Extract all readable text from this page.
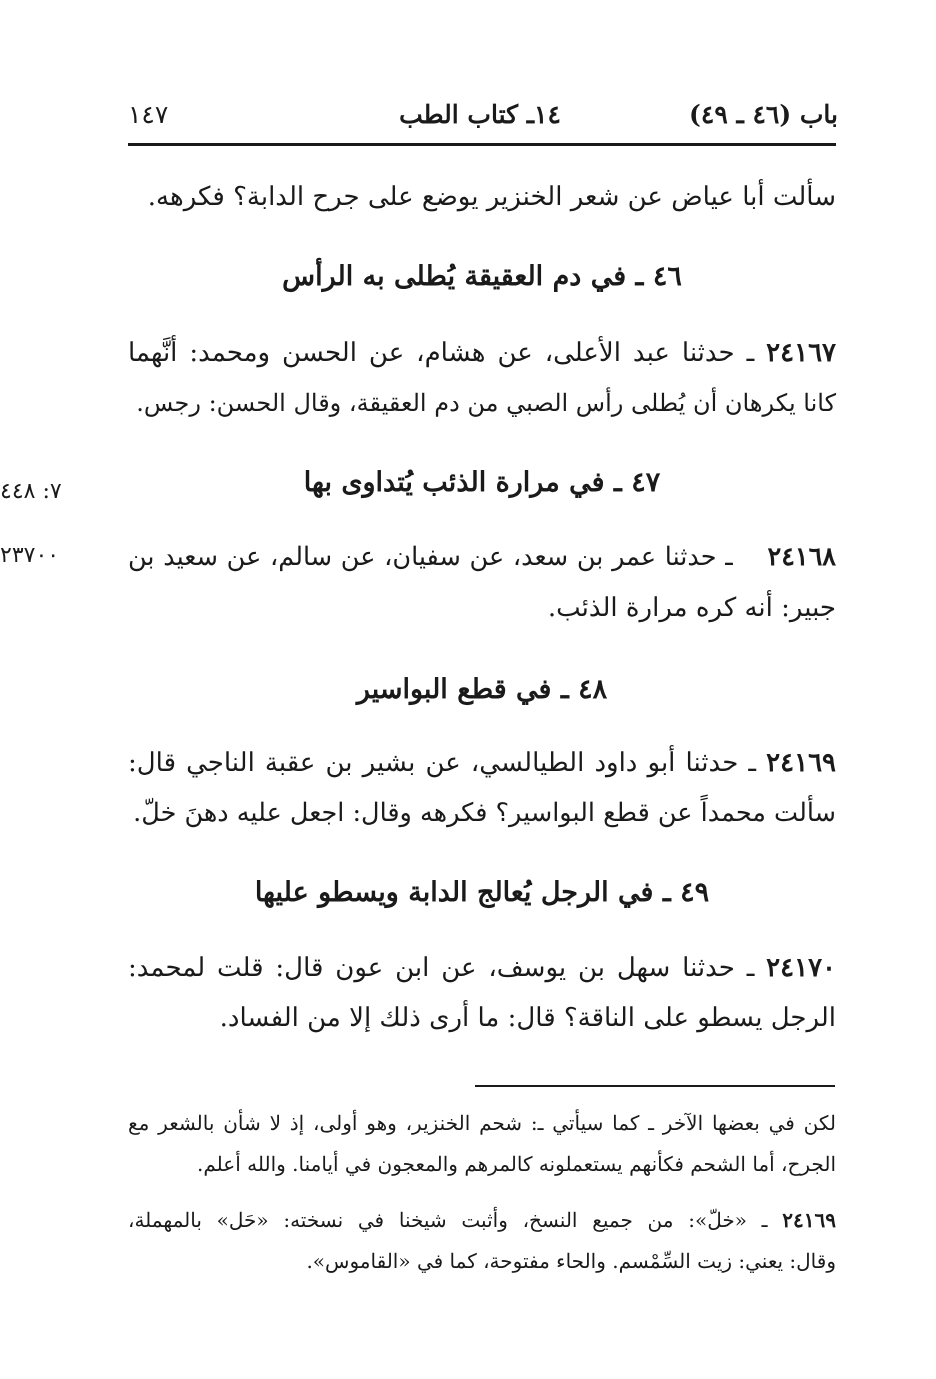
باب (٤٦ ـ ٤٩)
١٤ـ كتاب الطب
١٤٧
سألت أبا عياض عن شعر الخنزير يوضع على جرح الدابة؟ فكرهه.
٤٦ ـ في دم العقيقة يُطلى به الرأس
٢٤١٦٧ ـ حدثنا عبد الأعلى، عن هشام، عن الحسن ومحمد: أنَّهما
كانا يكرهان أن يُطلى رأس الصبي من دم العقيقة، وقال الحسن: رجس.
٤٧ ـ في مرارة الذئب يُتداوى بها
٧: ٤٤٨
٢٣٧٠٠	٢٤١٦٨    ـ حدثنا عمر بن سعد، عن سفيان، عن سالم، عن سعيد بن
جبير: أنه كره مرارة الذئب.
٤٨ ـ في قطع البواسير
٢٤١٦٩ ـ حدثنا أبو داود الطيالسي، عن بشير بن عقبة الناجي قال:
سألت محمداً عن قطع البواسير؟ فكرهه وقال: اجعل عليه دهنَ خلّ.
٤٩ ـ في الرجل يُعالج الدابة ويسطو عليها
٢٤١٧٠ ـ حدثنا سهل بن يوسف، عن ابن عون قال: قلت لمحمد:
الرجل يسطو على الناقة؟ قال: ما أرى ذلك إلا من الفساد.
لكن في بعضها الآخر ـ كما سيأتي ـ: شحم الخنزير، وهو أولى، إذ لا شأن بالشعر مع
الجرح، أما الشحم فكأنهم يستعملونه كالمرهم والمعجون في أيامنا. والله أعلم.
٢٤١٦٩ ـ «خلّ»: من جميع النسخ، وأثبت شيخنا في نسخته: «حَل» بالمهملة،
وقال: يعني: زيت السِّمْسم. والحاء مفتوحة، كما في «القاموس».
